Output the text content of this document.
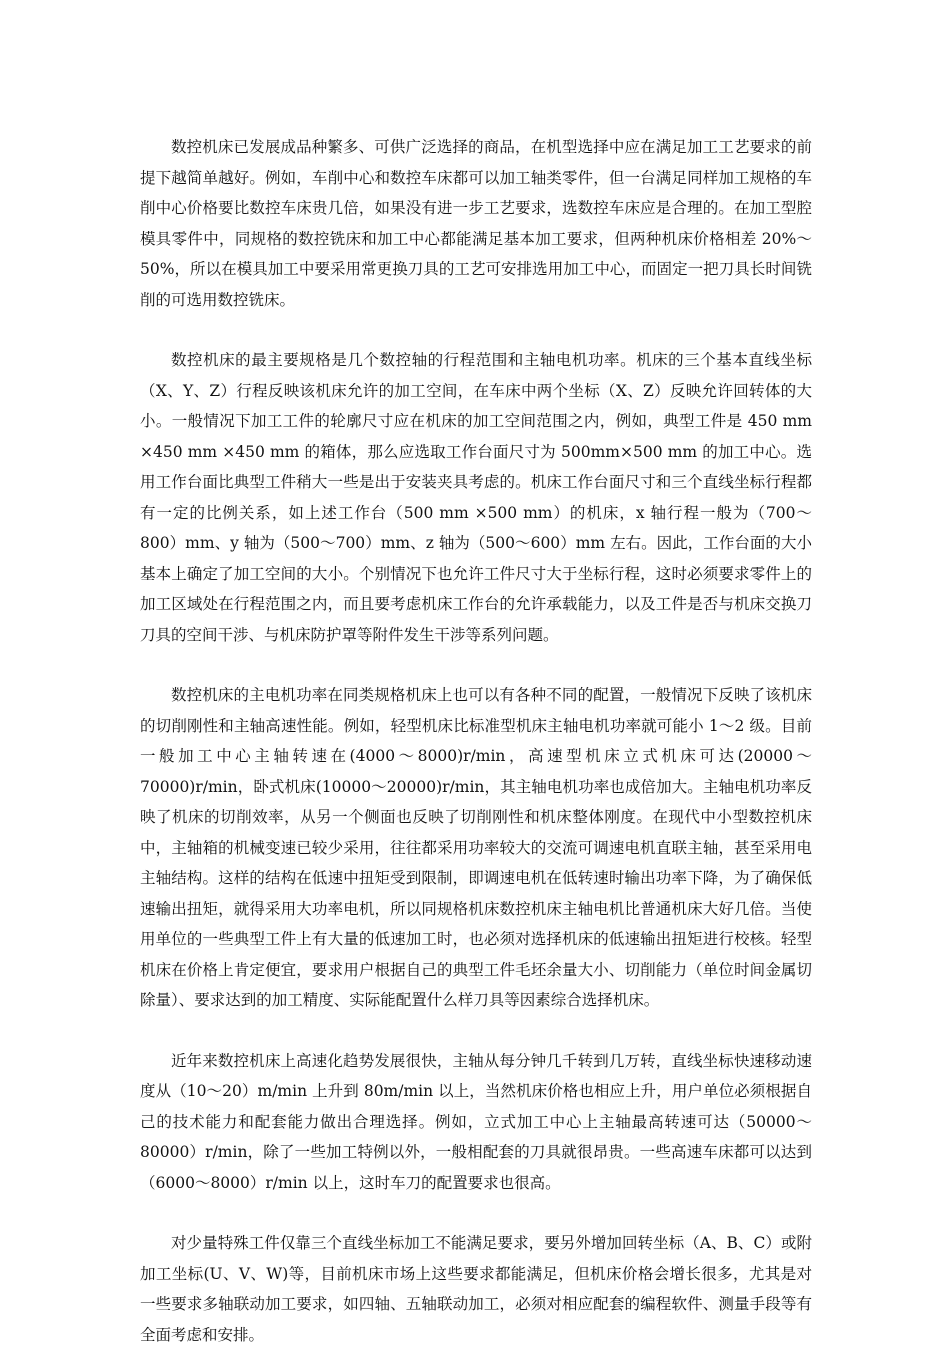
数控机床已发展成品种繁多、可供广泛选择的商品，在机型选择中应在满足加工工艺要求的前提下越简单越好。例如，车削中心和数控车床都可以加工轴类零件，但一台满足同样加工规格的车削中心价格要比数控车床贵几倍，如果没有进一步工艺要求，选数控车床应是合理的。在加工型腔模具零件中，同规格的数控铣床和加工中心都能满足基本加工要求，但两种机床价格相差 20%～50%，所以在模具加工中要采用常更换刀具的工艺可安排选用加工中心，而固定一把刀具长时间铣削的可选用数控铣床。

数控机床的最主要规格是几个数控轴的行程范围和主轴电机功率。机床的三个基本直线坐标（X、Y、Z）行程反映该机床允许的加工空间，在车床中两个坐标（X、Z）反映允许回转体的大小。一般情况下加工工件的轮廓尺寸应在机床的加工空间范围之内，例如，典型工件是 450 mm ×450 mm ×450 mm 的箱体，那么应选取工作台面尺寸为 500mm×500 mm 的加工中心。选用工作台面比典型工件稍大一些是出于安装夹具考虑的。机床工作台面尺寸和三个直线坐标行程都有一定的比例关系，如上述工作台（500 mm ×500 mm）的机床，x 轴行程一般为（700～800）mm、y 轴为（500～700）mm、z 轴为（500～600）mm 左右。因此，工作台面的大小基本上确定了加工空间的大小。个别情况下也允许工件尺寸大于坐标行程，这时必须要求零件上的加工区域处在行程范围之内，而且要考虑机床工作台的允许承载能力，以及工件是否与机床交换刀刀具的空间干涉、与机床防护罩等附件发生干涉等系列问题。

数控机床的主电机功率在同类规格机床上也可以有各种不同的配置，一般情况下反映了该机床的切削刚性和主轴高速性能。例如，轻型机床比标准型机床主轴电机功率就可能小 1～2 级。目前一般加工中心主轴转速在(4000～8000)r/min，高速型机床立式机床可达(20000～70000)r/min，卧式机床(10000～20000)r/min，其主轴电机功率也成倍加大。主轴电机功率反映了机床的切削效率，从另一个侧面也反映了切削刚性和机床整体刚度。在现代中小型数控机床中，主轴箱的机械变速已较少采用，往往都采用功率较大的交流可调速电机直联主轴，甚至采用电主轴结构。这样的结构在低速中扭矩受到限制，即调速电机在低转速时输出功率下降，为了确保低速输出扭矩，就得采用大功率电机，所以同规格机床数控机床主轴电机比普通机床大好几倍。当使用单位的一些典型工件上有大量的低速加工时，也必须对选择机床的低速输出扭矩进行校核。轻型机床在价格上肯定便宜，要求用户根据自己的典型工件毛坯余量大小、切削能力（单位时间金属切除量）、要求达到的加工精度、实际能配置什么样刀具等因素综合选择机床。

近年来数控机床上高速化趋势发展很快，主轴从每分钟几千转到几万转，直线坐标快速移动速度从（10～20）m/min 上升到 80m/min 以上，当然机床价格也相应上升，用户单位必须根据自己的技术能力和配套能力做出合理选择。例如，立式加工中心上主轴最高转速可达（50000～80000）r/min，除了一些加工特例以外，一般相配套的刀具就很昂贵。一些高速车床都可以达到（6000～8000）r/min 以上，这时车刀的配置要求也很高。

对少量特殊工件仅靠三个直线坐标加工不能满足要求，要另外增加回转坐标（A、B、C）或附加工坐标(U、V、W)等，目前机床市场上这些要求都能满足，但机床价格会增长很多，尤其是对一些要求多轴联动加工要求，如四轴、五轴联动加工，必须对相应配套的编程软件、测量手段等有全面考虑和安排。
